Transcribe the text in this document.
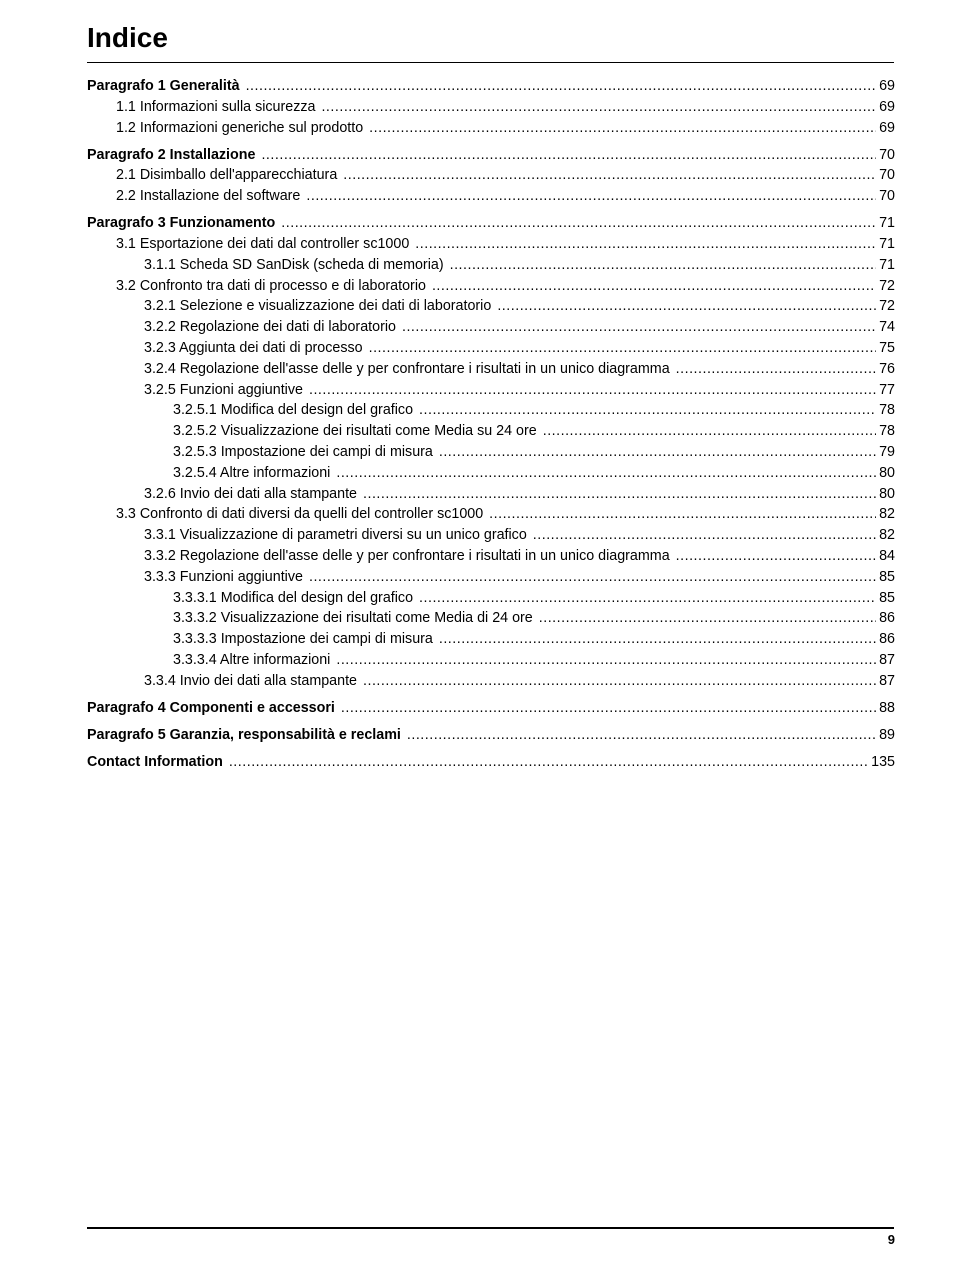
Indice
Paragrafo 1 Generalità .....	69
1.1 Informazioni sulla sicurezza .....	69
1.2 Informazioni generiche sul prodotto .....	69
Paragrafo 2 Installazione .....	70
2.1 Disimballo dell'apparecchiatura .....	70
2.2 Installazione del software .....	70
Paragrafo 3 Funzionamento .....	71
3.1 Esportazione dei dati dal controller sc1000 .....	71
3.1.1 Scheda SD SanDisk (scheda di memoria) .....	71
3.2 Confronto tra dati di processo e di laboratorio .....	72
3.2.1 Selezione e visualizzazione dei dati di laboratorio .....	72
3.2.2 Regolazione dei dati di laboratorio .....	74
3.2.3 Aggiunta dei dati di processo .....	75
3.2.4 Regolazione dell'asse delle y per confrontare i risultati in un unico diagramma .....	76
3.2.5 Funzioni aggiuntive .....	77
3.2.5.1 Modifica del design del grafico .....	78
3.2.5.2 Visualizzazione dei risultati come Media su 24 ore .....	78
3.2.5.3 Impostazione dei campi di misura .....	79
3.2.5.4 Altre informazioni .....	80
3.2.6 Invio dei dati alla stampante .....	80
3.3 Confronto di dati diversi da quelli del controller sc1000 .....	82
3.3.1 Visualizzazione di parametri diversi su un unico grafico .....	82
3.3.2 Regolazione dell'asse delle y per confrontare i risultati in un unico diagramma .....	84
3.3.3 Funzioni aggiuntive .....	85
3.3.3.1 Modifica del design del grafico .....	85
3.3.3.2 Visualizzazione dei risultati come Media di 24 ore .....	86
3.3.3.3 Impostazione dei campi di misura .....	86
3.3.3.4 Altre informazioni .....	87
3.3.4 Invio dei dati alla stampante .....	87
Paragrafo 4 Componenti e accessori .....	88
Paragrafo 5 Garanzia, responsabilità e reclami .....	89
Contact Information .....	135
9
